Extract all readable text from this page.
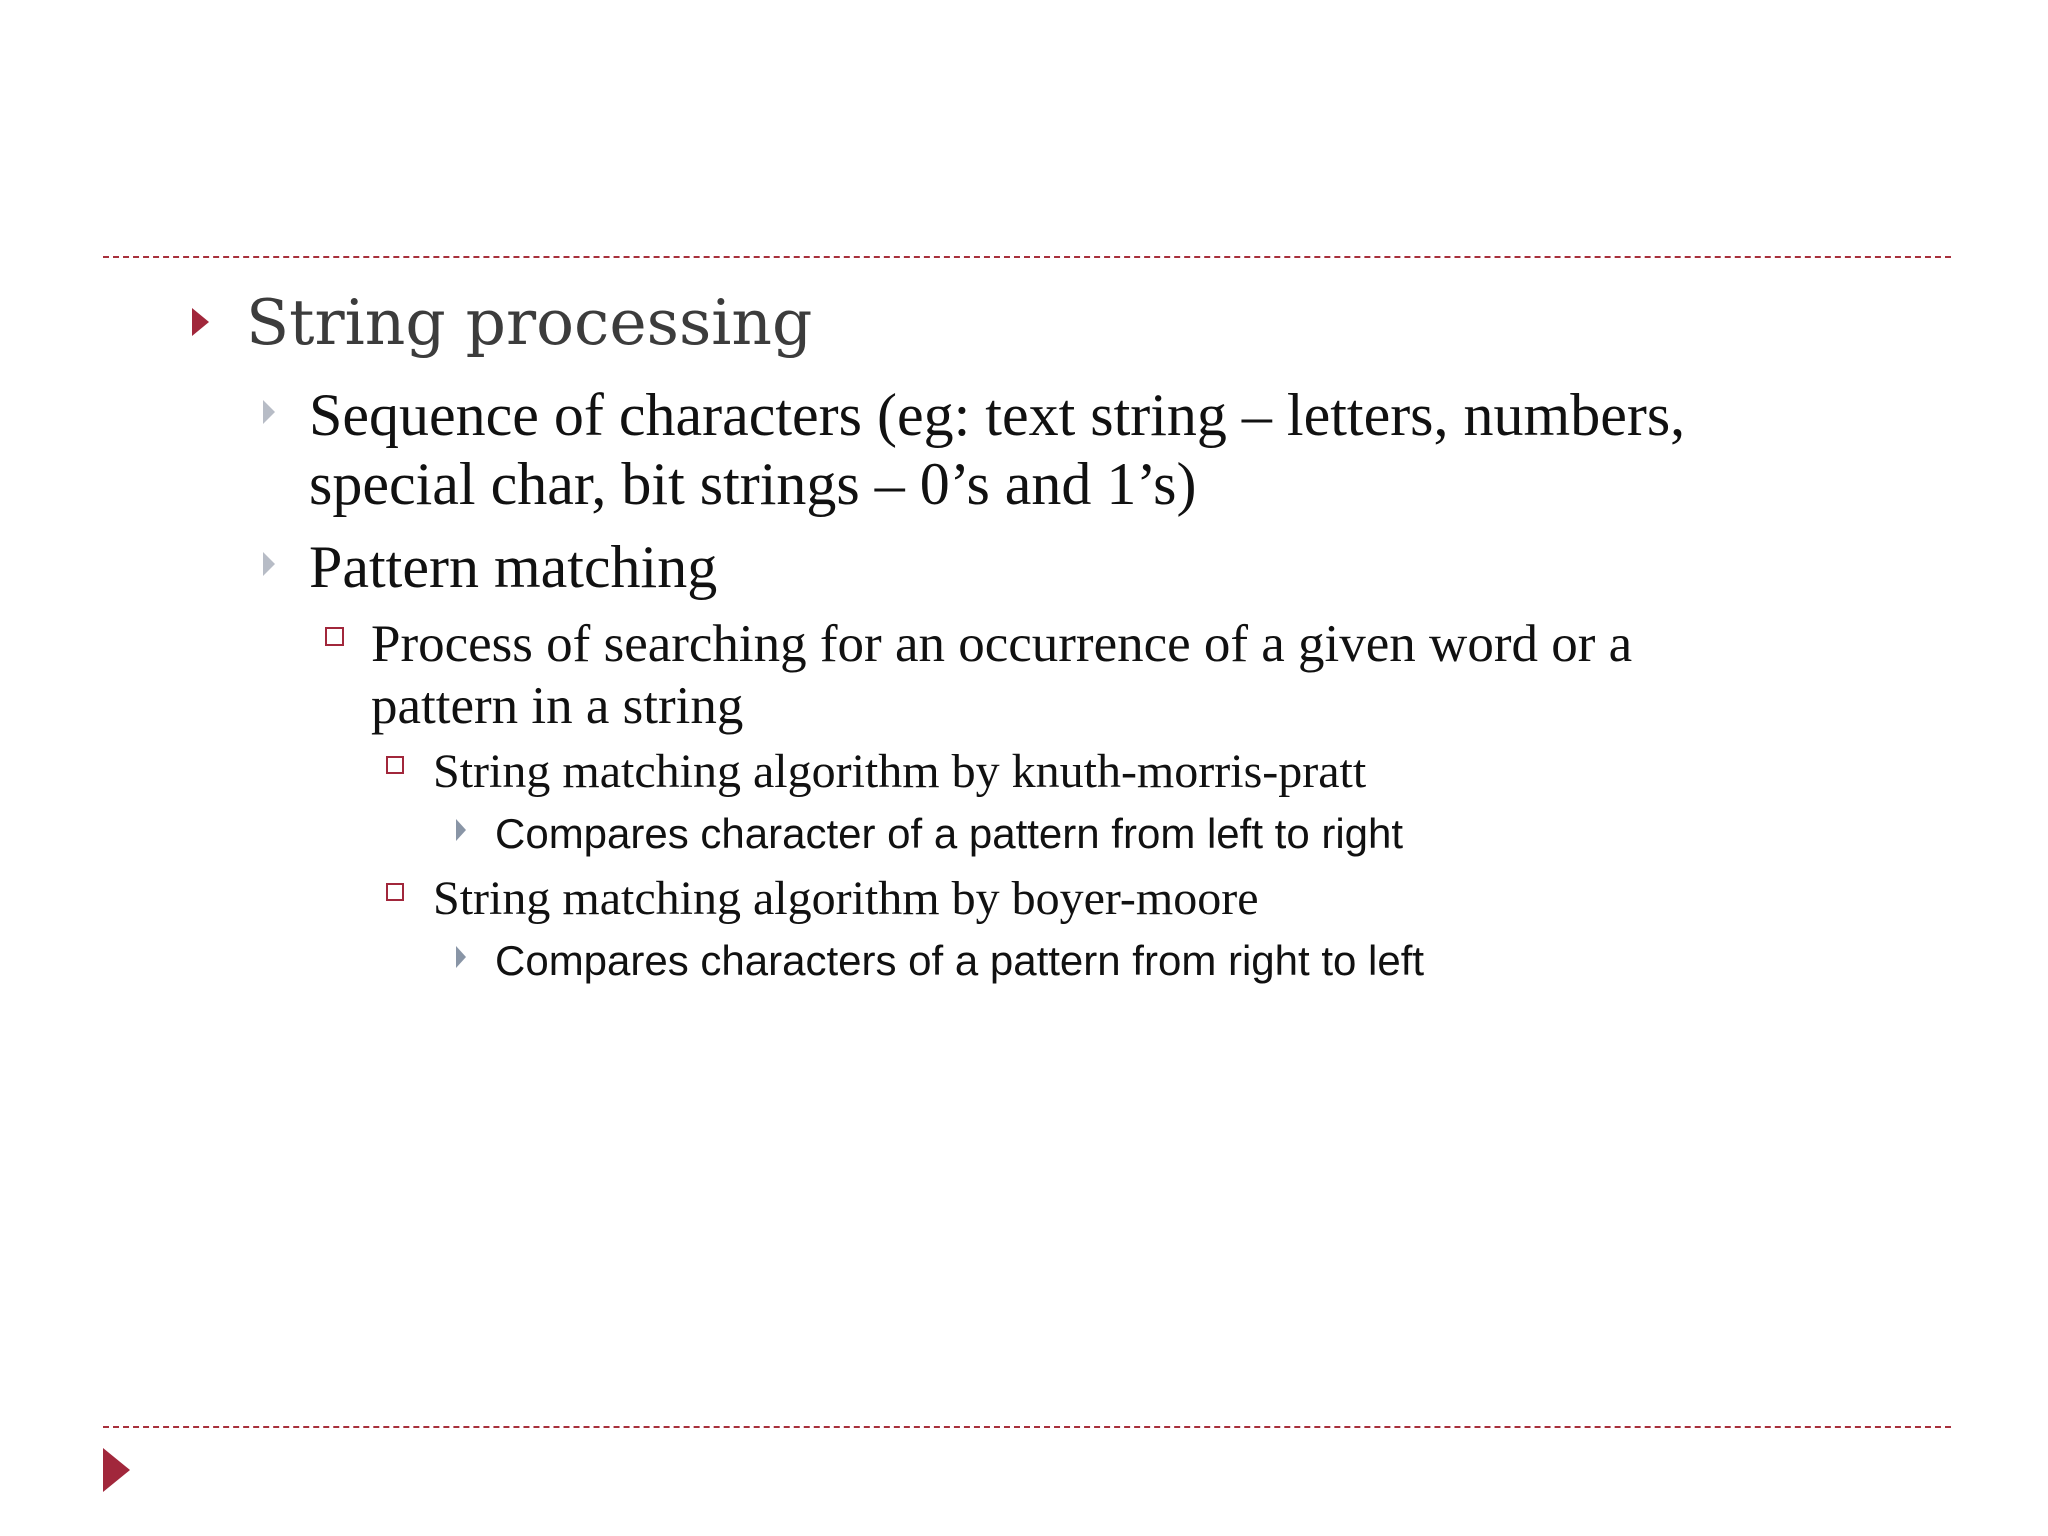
String processing
Sequence of characters (eg: text string – letters, numbers,
special char, bit strings – 0’s and 1’s)
Pattern matching
Process of searching for an occurrence of a given word or a
pattern in a string
String matching algorithm by knuth-morris-pratt
Compares character of a pattern from left to right
String matching algorithm by boyer-moore
Compares characters of a pattern from right to left
